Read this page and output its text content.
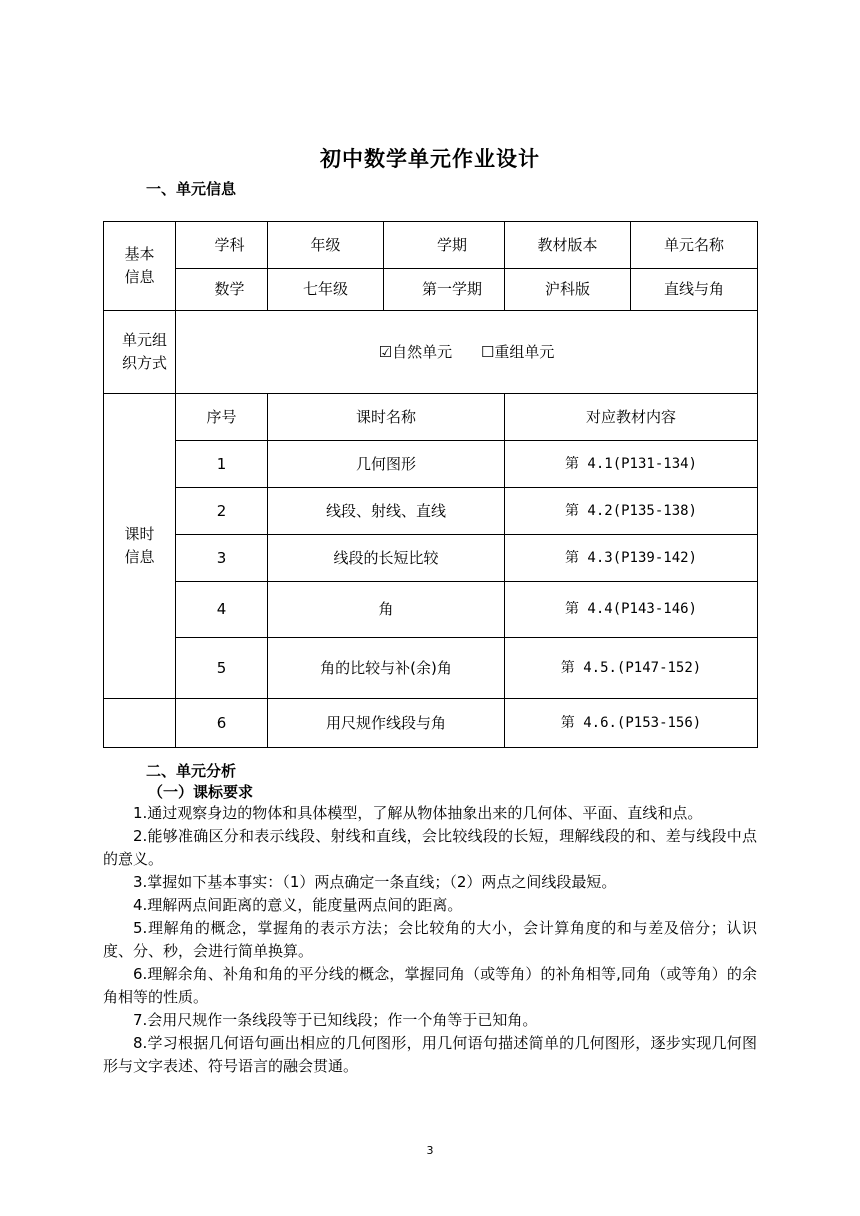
初中数学单元作业设计
一、单元信息
基本信息	学科	年级	学期	教材版本	单元名称
	数学	七年级	第一学期	沪科版	直线与角

单元组织方式	☑自然单元 ☐重组单元				
课时信息	序号	课时名称		对应教材内容	
	1	几何图形		第 4.1(P131-134)	
	2	线段、射线、直线		第 4.2(P135-138)	
	3	线段的长短比较		第 4.3(P139-142)	
	4	角		第 4.4(P143-146)	
	5	角的比较与补(余)角		第 4.5.(P147-152)	
	6	用尺规作线段与角		第 4.6.(P153-156)	
二、单元分析
（一）课标要求

1.通过观察身边的物体和具体模型，了解从物体抽象出来的几何体、平面、直线和点。

2.能够准确区分和表示线段、射线和直线，会比较线段的长短，理解线段的和、差与线段中点的意义。

3.掌握如下基本事实：（1）两点确定一条直线；（2）两点之间线段最短。

4.理解两点间距离的意义，能度量两点间的距离。

5.理解角的概念，掌握角的表示方法；会比较角的大小，会计算角度的和与差及倍分；认识度、分、秒，会进行简单换算。

6.理解余角、补角和角的平分线的概念，掌握同角（或等角）的补角相等,同角（或等角）的余角相等的性质。

7.会用尺规作一条线段等于已知线段；作一个角等于已知角。

8.学习根据几何语句画出相应的几何图形，用几何语句描述简单的几何图形，逐步实现几何图形与文字表述、符号语言的融会贯通。

3
